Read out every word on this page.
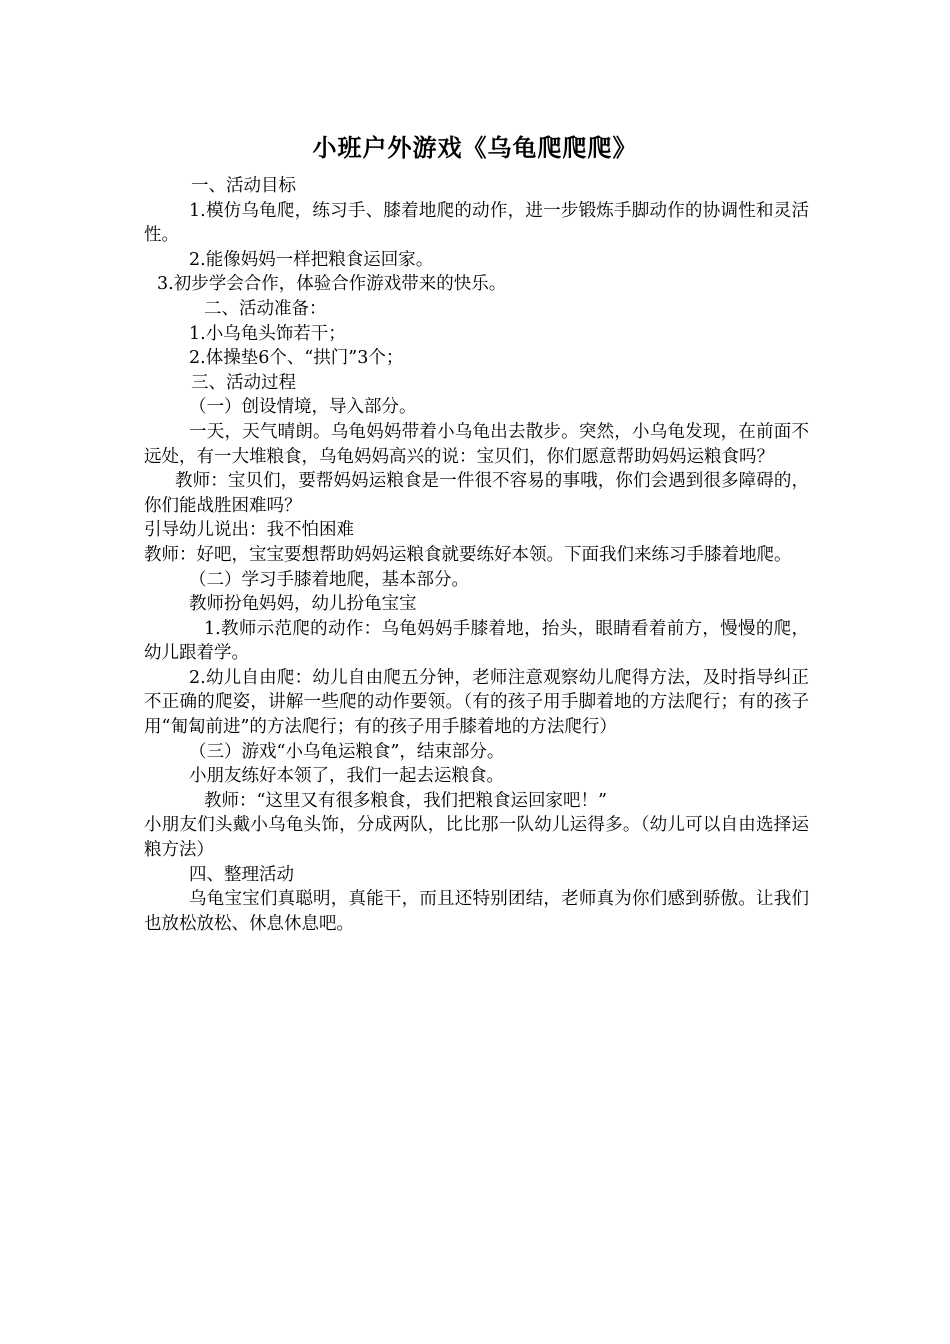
小班户外游戏《乌龟爬爬爬》

一、活动目标

1.模仿乌龟爬，练习手、膝着地爬的动作，进一步锻炼手脚动作的协调性和灵活性。

2.能像妈妈一样把粮食运回家。

3.初步学会合作，体验合作游戏带来的快乐。

二、活动准备：

1.小乌龟头饰若干；

2.体操垫6个、“拱门”3个；

三、活动过程

（一）创设情境，导入部分。

一天，天气晴朗。乌龟妈妈带着小乌龟出去散步。突然，小乌龟发现，在前面不远处，有一大堆粮食，乌龟妈妈高兴的说：宝贝们，你们愿意帮助妈妈运粮食吗？

教师：宝贝们，要帮妈妈运粮食是一件很不容易的事哦，你们会遇到很多障碍的，你们能战胜困难吗？

引导幼儿说出：我不怕困难

教师：好吧，宝宝要想帮助妈妈运粮食就要练好本领。下面我们来练习手膝着地爬。

（二）学习手膝着地爬，基本部分。

教师扮龟妈妈，幼儿扮龟宝宝

1.教师示范爬的动作：乌龟妈妈手膝着地，抬头，眼睛看着前方，慢慢的爬，幼儿跟着学。

2.幼儿自由爬：幼儿自由爬五分钟，老师注意观察幼儿爬得方法，及时指导纠正不正确的爬姿，讲解一些爬的动作要领。（有的孩子用手脚着地的方法爬行；有的孩子用“匍匐前进”的方法爬行；有的孩子用手膝着地的方法爬行）

（三）游戏“小乌龟运粮食”，结束部分。

小朋友练好本领了，我们一起去运粮食。

教师：“这里又有很多粮食，我们把粮食运回家吧！”

小朋友们头戴小乌龟头饰，分成两队，比比那一队幼儿运得多。（幼儿可以自由选择运粮方法）

四、整理活动

乌龟宝宝们真聪明，真能干，而且还特别团结，老师真为你们感到骄傲。让我们也放松放松、休息休息吧。
